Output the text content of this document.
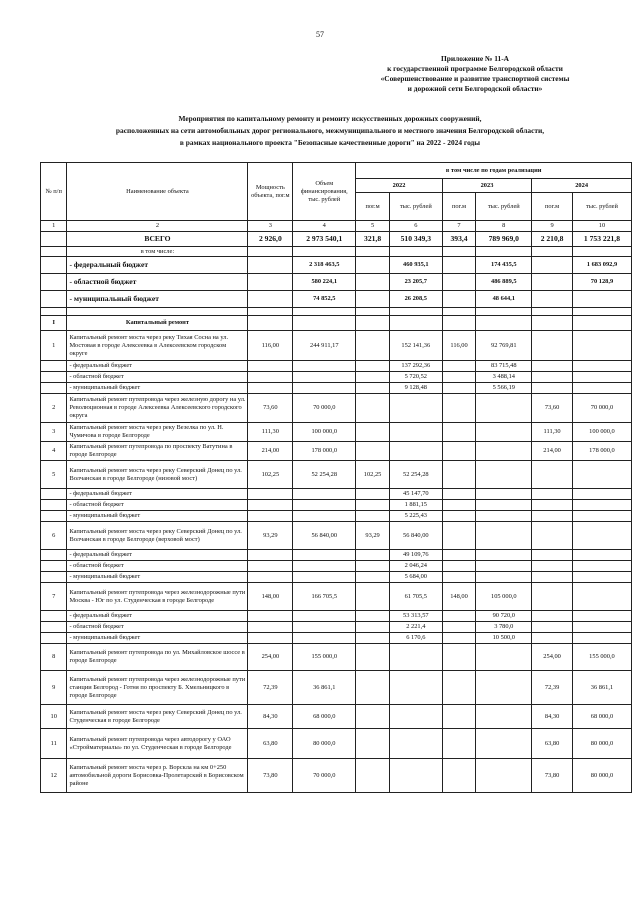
57
Приложение № 11-А
к государственной программе Белгородской области
«Совершенствование и развитие транспортной системы
и дорожной сети Белгородской области»
Мероприятия по капитальному ремонту и ремонту искусственных дорожных сооружений,
расположенных на сети автомобильных дорог регионального, межмуниципального и местного значения Белгородской области,
в рамках национального проекта "Безопасные качественные дороги" на 2022 - 2024 годы
№ п/п	Наименование объекта	Мощность объекта, пог.м	Объем финансирования, тыс. рублей	в том числе по годам реализации					
				2022		2023		2024	
				пог.м	тыс. рублей	пог.м	тыс. рублей	пог.м	тыс. рублей
1	2	3	4	5	6	7	8	9	10
	ВСЕГО	2 926,0	2 973 540,1	321,8	510 349,3	393,4	789 969,0	2 210,8	1 753 221,8
	в том числе:								
	- федеральный бюджет		2 318 463,5		460 935,1		174 435,5		1 683 092,9
	- областной бюджет		580 224,1		23 205,7		486 889,5		70 128,9
	- муниципальный бюджет		74 852,5		26 208,5		48 644,1		

I	Капитальный ремонт								
1	Капитальный ремонт моста через реку Тихая Сосна на ул. Мостовая в городе Алексеевка в Алексеевском городском округе	116,00	244 911,17		152 141,36	116,00	92 769,81		
	- федеральный бюджет				137 292,36		83 715,48		
	- областной бюджет				5 720,52		3 488,14		
	- муниципальный бюджет				9 128,48		5 566,19		
2	Капитальный ремонт путепровода через железную дорогу на ул. Революционная в городе Алексеевка Алексеевского городского округа	73,60	70 000,0					73,60	70 000,0
3	Капитальный ремонт моста через реку Везелка по ул. Н. Чумичова в городе Белгороде	111,30	100 000,0					111,30	100 000,0
4	Капитальный ремонт путепровода по проспекту Ватутина в городе Белгороде	214,00	178 000,0					214,00	178 000,0
5	Капитальный ремонт моста через реку Северский Донец по ул. Волчанская в городе Белгороде (низовой мост)	102,25	52 254,28	102,25	52 254,28				
	- федеральный бюджет				45 147,70				
	- областной бюджет				1 881,15				
	- муниципальный бюджет				5 225,43				
6	Капитальный ремонт моста через реку Северский Донец по ул. Волчанская в городе Белгороде (верховой мост)	93,29	56 840,00	93,29	56 840,00				
	- федеральный бюджет				49 109,76				
	- областной бюджет				2 046,24				
	- муниципальный бюджет				5 684,00				
7	Капитальный ремонт путепровода через железнодорожные пути Москва - Юг по ул. Студенческая в городе Белгороде	148,00	166 705,5		61 705,5	148,00	105 000,0		
	- федеральный бюджет				53 313,57		90 720,0		
	- областной бюджет				2 221,4		3 780,0		
	- муниципальный бюджет				6 170,6		10 500,0		
8	Капитальный ремонт путепровода по ул. Михайловское шоссе в городе Белгороде	254,00	155 000,0					254,00	155 000,0
9	Капитальный ремонт путепровода через железнодорожные пути станции Белгород - Готня по проспекту Б. Хмельницкого в городе Белгороде	72,39	36 861,1					72,39	36 861,1
10	Капитальный ремонт моста через реку Северский Донец по ул. Студенческая в городе Белгороде	84,30	68 000,0					84,30	68 000,0
11	Капитальный ремонт путепровода через автодорогу у ОАО «Стройматериалы» по ул. Студенческая в городе Белгороде	63,80	80 000,0					63,80	80 000,0
12	Капитальный ремонт моста через р. Ворскла на км 0+250 автомобильной дороги Борисовка-Пролетарский в Борисовском районе	73,80	70 000,0					73,80	80 000,0
